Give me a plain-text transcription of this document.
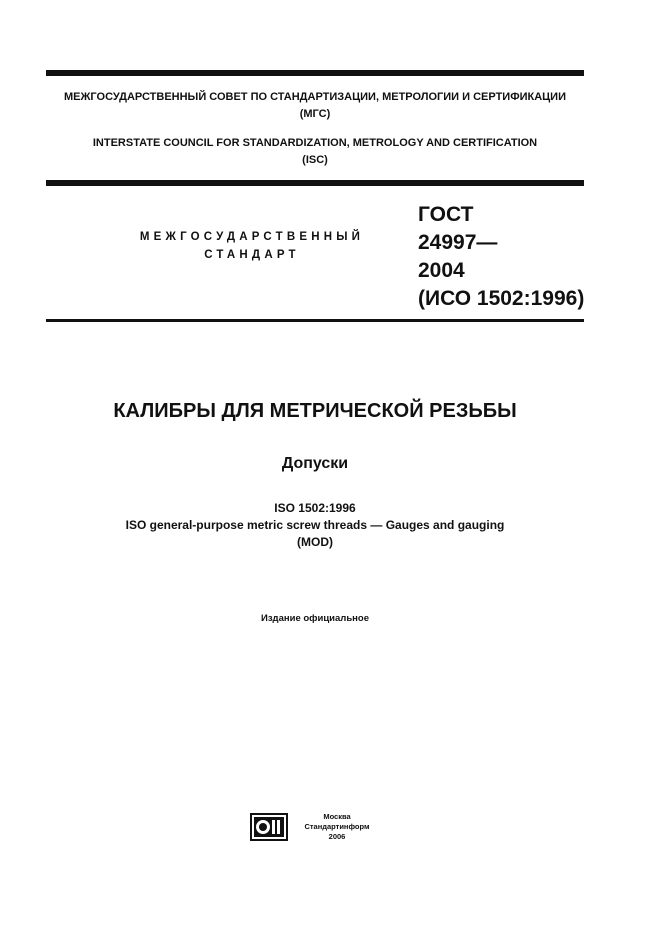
МЕЖГОСУДАРСТВЕННЫЙ СОВЕТ ПО СТАНДАРТИЗАЦИИ, МЕТРОЛОГИИ И СЕРТИФИКАЦИИ
(МГС)
INTERSTATE COUNCIL FOR STANDARDIZATION, METROLOGY AND CERTIFICATION
(ISC)
МЕЖГОСУДАРСТВЕННЫЙ
СТАНДАРТ
ГОСТ
24997—
2004
(ИСО 1502:1996)
КАЛИБРЫ ДЛЯ МЕТРИЧЕСКОЙ РЕЗЬБЫ
Допуски
ISO 1502:1996
ISO general-purpose metric screw threads — Gauges and gauging
(MOD)
Издание официальное
Москва
Стандартинформ
2006
